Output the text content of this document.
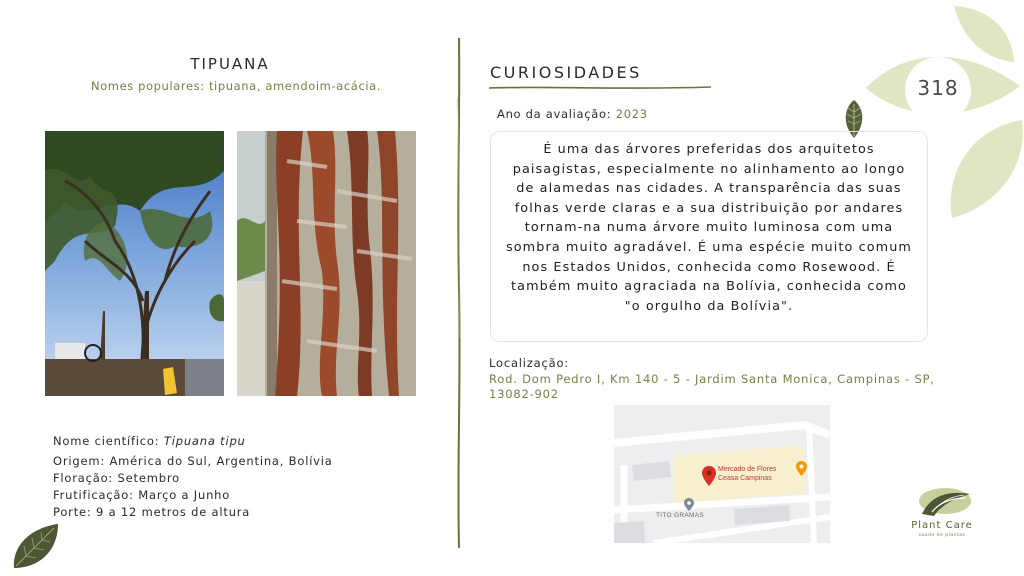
318
TIPUANA
Nomes populares: tipuana, amendoim-acácia.
Nome científico: Tipuana tipu
Origem: América do Sul, Argentina, Bolívia
Floração: Setembro
Frutificação: Março a Junho
Porte: 9 a 12 metros de altura
CURIOSIDADES
Ano da avaliação: 2023
É uma das árvores preferidas dos arquitetos paisagistas, especialmente no alinhamento ao longo de alamedas nas cidades. A transparência das suas folhas verde claras e a sua distribuição por andares tornam-na numa árvore muito luminosa com uma sombra muito agradável. É uma espécie muito comum nos Estados Unidos, conhecida como Rosewood. É também muito agraciada na Bolívia, conhecida como "o orgulho da Bolívia".
Localização:
Rod. Dom Pedro I, Km 140 - 5 - Jardim Santa Monica, Campinas - SP, 13082-902
Mercado de Flores Ceasa Campinas
TITO GRAMAS
Plant Care
saúde de plantas
